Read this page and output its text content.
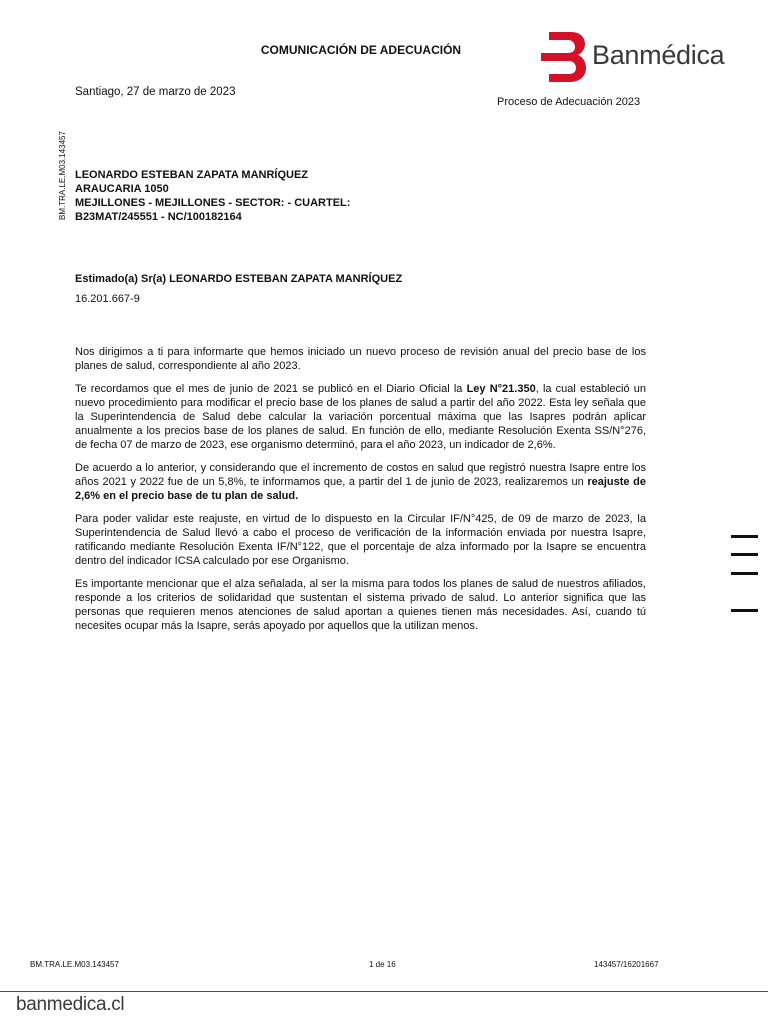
COMUNICACIÓN DE ADECUACIÓN	Banmédica
Santiago, 27 de marzo de 2023
Proceso de Adecuación 2023
BM.TRA.LE.M03.143457 LEONARDO ESTEBAN ZAPATA MANRÍQUEZ
ARAUCARIA 1050
MEJILLONES - MEJILLONES - SECTOR: - CUARTEL:
B23MAT/245551 - NC/100182164
Estimado(a) Sr(a) LEONARDO ESTEBAN ZAPATA MANRÍQUEZ
16.201.667-9

Nos dirigimos a ti para informarte que hemos iniciado un nuevo proceso de revisión anual del precio base de los planes de salud, correspondiente al año 2023.

Te recordamos que el mes de junio de 2021 se publicó en el Diario Oficial la Ley N°21.350, la cual estableció un nuevo procedimiento para modificar el precio base de los planes de salud a partir del año 2022. Esta ley señala que la Superintendencia de Salud debe calcular la variación porcentual máxima que las Isapres podrán aplicar anualmente a los precios base de los planes de salud. En función de ello, mediante Resolución Exenta SS/N°276, de fecha 07 de marzo de 2023, ese organismo determinó, para el año 2023, un indicador de 2,6%.

De acuerdo a lo anterior, y considerando que el incremento de costos en salud que registró nuestra Isapre entre los años 2021 y 2022 fue de un 5,8%, te informamos que, a partir del 1 de junio de 2023, realizaremos un reajuste de 2,6% en el precio base de tu plan de salud.

Para poder validar este reajuste, en virtud de lo dispuesto en la Circular IF/N°425, de 09 de marzo de 2023, la Superintendencia de Salud llevó a cabo el proceso de verificación de la información enviada por nuestra Isapre, ratificando mediante Resolución Exenta IF/N°122, que el porcentaje de alza informado por la Isapre se encuentra dentro del indicador ICSA calculado por ese Organismo.

Es importante mencionar que el alza señalada, al ser la misma para todos los planes de salud de nuestros afiliados, responde a los criterios de solidaridad que sustentan el sistema privado de salud. Lo anterior significa que las personas que requieren menos atenciones de salud aportan a quienes tienen más necesidades. Así, cuando tú necesites ocupar más la Isapre, serás apoyado por aquellos que la utilizan menos.

BM.TRA.LE.M03.143457	1 de 16	143457/16201667
banmedica.cl
